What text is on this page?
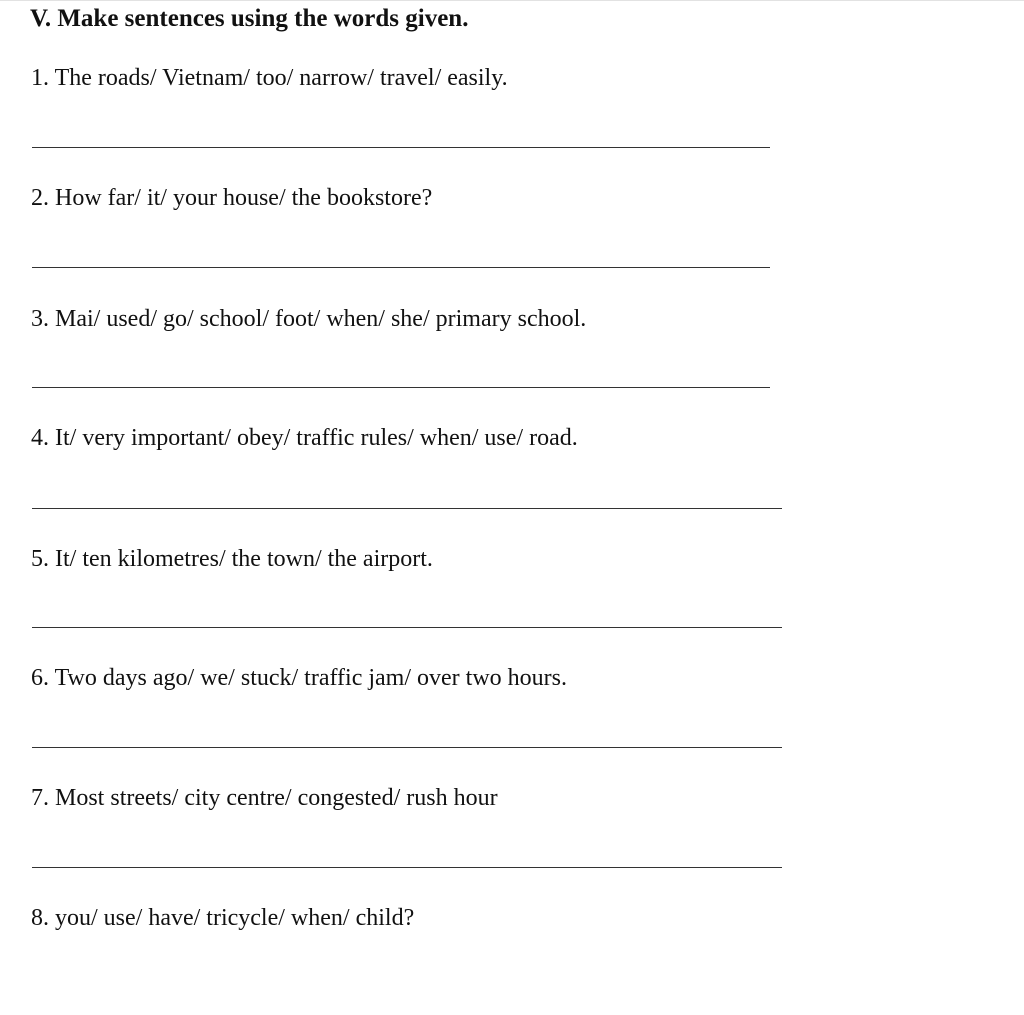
V. Make sentences using the words given.
1. The roads/ Vietnam/ too/ narrow/ travel/ easily.
2. How far/ it/ your house/ the bookstore?
3. Mai/ used/ go/ school/ foot/ when/ she/ primary school.
4. It/ very important/ obey/ traffic rules/ when/ use/ road.
5. It/ ten kilometres/ the town/ the airport.
6. Two days ago/ we/ stuck/ traffic jam/ over two hours.
7. Most streets/ city centre/ congested/ rush hour
8. you/ use/ have/ tricycle/ when/ child?
